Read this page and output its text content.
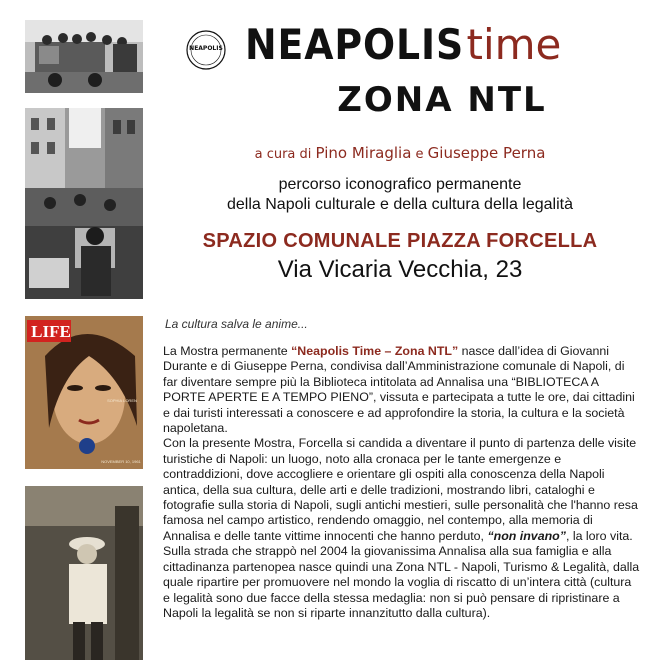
LIFE
SOPHIA LOREN
NOVEMBER 10, 1961
NEAPOLIS NEAPOLIStime
ZONA NTL
a cura di Pino Miraglia e Giuseppe Perna
percorso iconografico permanente
della Napoli culturale e della cultura della legalità
SPAZIO COMUNALE PIAZZA FORCELLA
Via Vicaria Vecchia, 23
La cultura salva le anime...

La Mostra permanente “Neapolis Time – Zona NTL” nasce dall’idea di Giovanni Durante e di Giuseppe Perna, condivisa dall’Amministrazione comunale di Napoli, di far diventare sempre più la Biblioteca intitolata ad Annalisa una “BIBLIOTECA A PORTE APERTE E A TEMPO PIENO”, vissuta e partecipata a tutte le ore, dai cittadini e dai turisti interessati a conoscere e ad approfondire la storia, la cultura e la società napoletana.

Con la presente Mostra, Forcella si candida a diventare il punto di partenza delle visite turistiche di Napoli: un luogo, noto alla cronaca per le tante emergenze e contraddizioni, dove accogliere e orientare gli ospiti alla conoscenza della Napoli antica, della sua cultura, delle arti e delle tradizioni, mostrando libri, cataloghi e fotografie sulla storia di Napoli, sugli antichi mestieri, sulle personalità che l'hanno resa famosa nel campo artistico, rendendo omaggio, nel contempo, alla memoria di Annalisa e delle tante vittime innocenti che hanno perduto, “non invano”, la loro vita.

Sulla strada che strappò nel 2004 la giovanissima Annalisa alla sua famiglia e alla cittadinanza partenopea nasce quindi una Zona NTL - Napoli, Turismo & Legalità, dalla quale ripartire per promuovere nel mondo la voglia di riscatto di un’intera città (cultura e legalità sono due facce della stessa medaglia: non si può pensare di ripristinare a Napoli la legalità se non si riparte innanzitutto dalla cultura).
